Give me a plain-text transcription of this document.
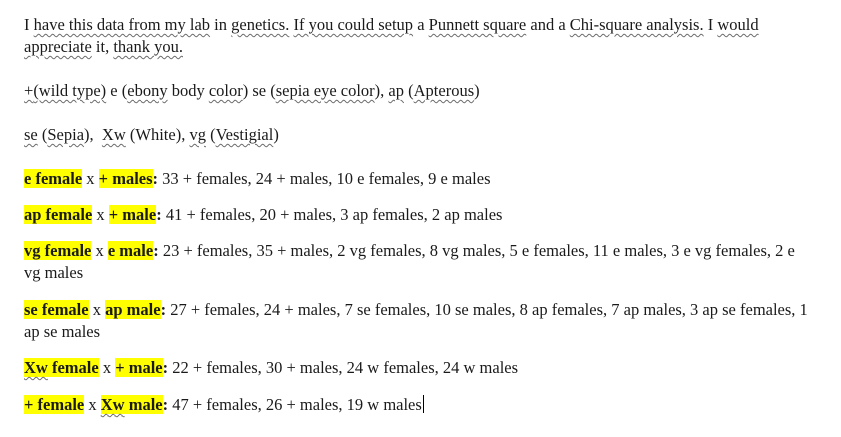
I have this data from my lab in genetics. If you could setup a Punnett square and a Chi-square analysis. I would appreciate it, thank you.

+(wild type) e (ebony body color) se (sepia eye color), ap (Apterous)

se (Sepia),  Xw (White), vg (Vestigial)

e female x + males: 33 + females, 24 + males, 10 e females, 9 e males

ap female x + male: 41 + females, 20 + males, 3 ap females, 2 ap males

vg female x e male: 23 + females, 35 + males, 2 vg females, 8 vg males, 5 e females, 11 e males, 3 e vg females, 2 e vg males

se female x ap male: 27 + females, 24 + males, 7 se females, 10 se males, 8 ap females, 7 ap males, 3 ap se females, 1 ap se males

Xw female x + male: 22 + females, 30 + males, 24 w females, 24 w males

+ female x Xw male: 47 + females, 26 + males, 19 w males
